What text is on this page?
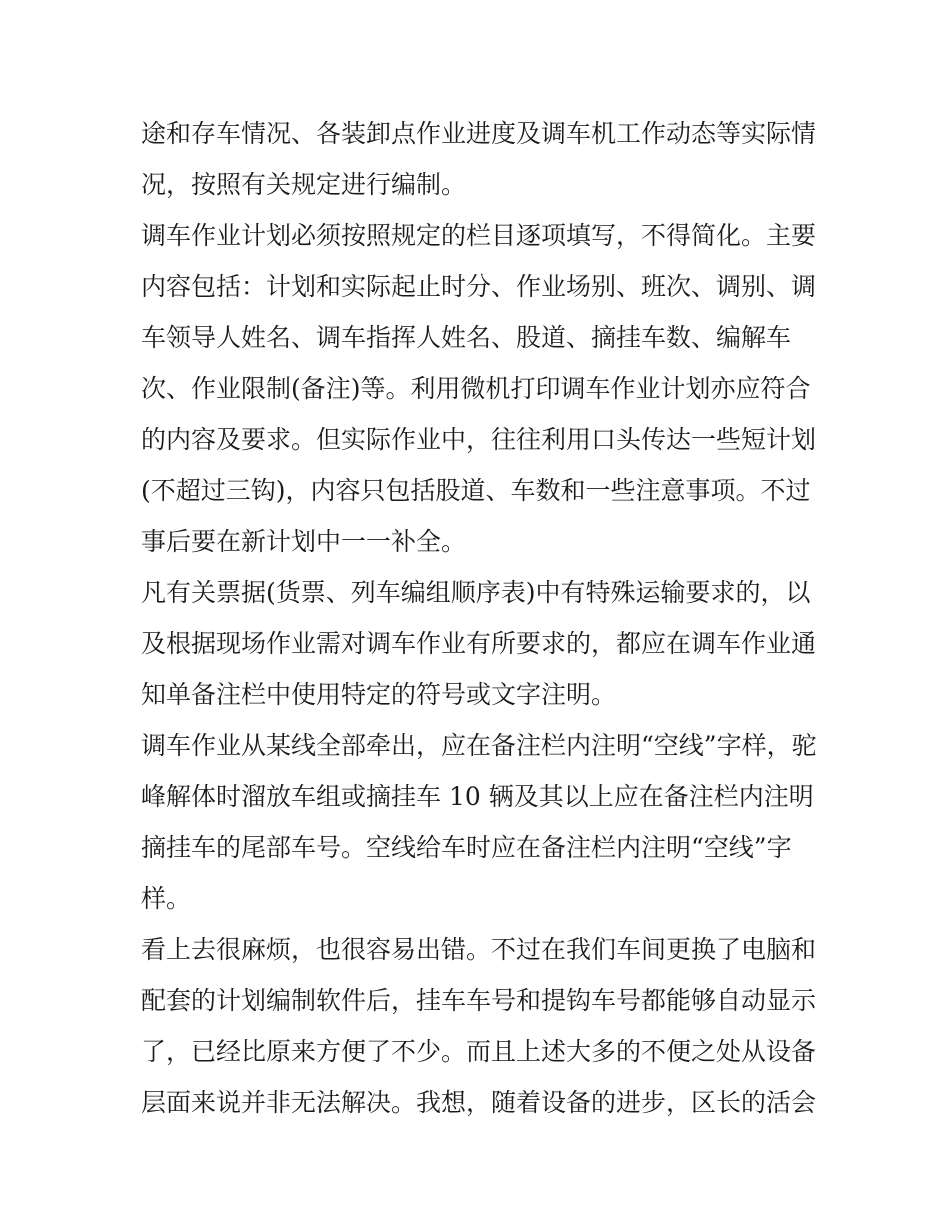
途和存车情况、各装卸点作业进度及调车机工作动态等实际情
况，按照有关规定进行编制。

调车作业计划必须按照规定的栏目逐项填写，不得简化。主要
内容包括：计划和实际起止时分、作业场别、班次、调别、调
车领导人姓名、调车指挥人姓名、股道、摘挂车数、编解车
次、作业限制(备注)等。利用微机打印调车作业计划亦应符合
的内容及要求。但实际作业中，往往利用口头传达一些短计划
(不超过三钩)，内容只包括股道、车数和一些注意事项。不过
事后要在新计划中一一补全。

凡有关票据(货票、列车编组顺序表)中有特殊运输要求的，以
及根据现场作业需对调车作业有所要求的，都应在调车作业通
知单备注栏中使用特定的符号或文字注明。

调车作业从某线全部牵出，应在备注栏内注明“空线”字样，驼
峰解体时溜放车组或摘挂车 10 辆及其以上应在备注栏内注明
摘挂车的尾部车号。空线给车时应在备注栏内注明“空线”字
样。

看上去很麻烦，也很容易出错。不过在我们车间更换了电脑和
配套的计划编制软件后，挂车车号和提钩车号都能够自动显示
了，已经比原来方便了不少。而且上述大多的不便之处从设备
层面来说并非无法解决。我想，随着设备的进步，区长的活会
